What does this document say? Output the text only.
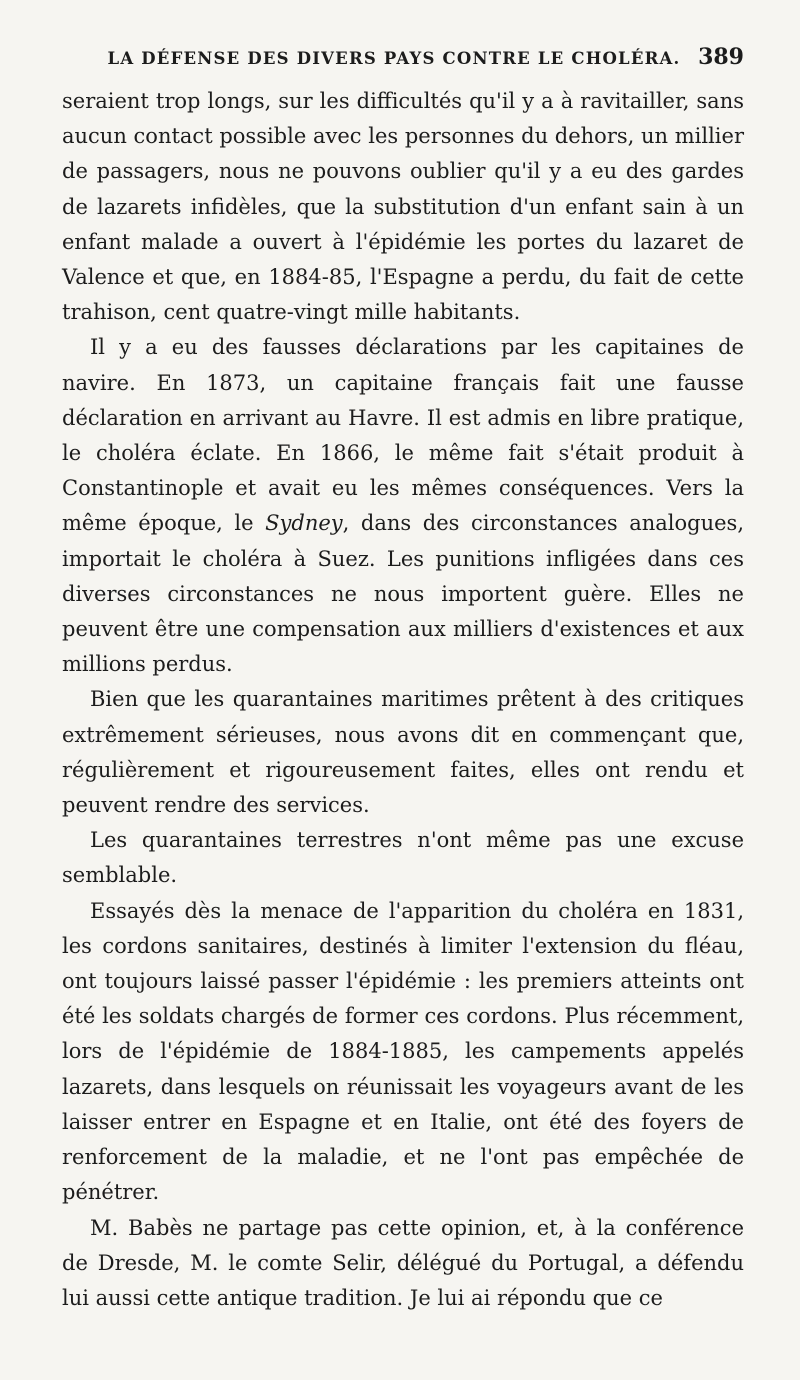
LA DÉFENSE DES DIVERS PAYS CONTRE LE CHOLÉRA. 389

seraient trop longs, sur les difficultés qu'il y a à ravitailler, sans aucun contact possible avec les personnes du dehors, un millier de passagers, nous ne pouvons oublier qu'il y a eu des gardes de lazarets infidèles, que la substitution d'un enfant sain à un enfant malade a ouvert à l'épidémie les portes du lazaret de Valence et que, en 1884-85, l'Espagne a perdu, du fait de cette trahison, cent quatre-vingt mille habitants.

Il y a eu des fausses déclarations par les capitaines de navire. En 1873, un capitaine français fait une fausse déclaration en arrivant au Havre. Il est admis en libre pratique, le choléra éclate. En 1866, le même fait s'était produit à Constantinople et avait eu les mêmes conséquences. Vers la même époque, le Sydney, dans des circonstances analogues, importait le choléra à Suez. Les punitions infligées dans ces diverses circonstances ne nous importent guère. Elles ne peuvent être une compensation aux milliers d'existences et aux millions perdus.

Bien que les quarantaines maritimes prêtent à des critiques extrêmement sérieuses, nous avons dit en commençant que, régulièrement et rigoureusement faites, elles ont rendu et peuvent rendre des services.

Les quarantaines terrestres n'ont même pas une excuse semblable.

Essayés dès la menace de l'apparition du choléra en 1831, les cordons sanitaires, destinés à limiter l'extension du fléau, ont toujours laissé passer l'épidémie : les premiers atteints ont été les soldats chargés de former ces cordons. Plus récemment, lors de l'épidémie de 1884-1885, les campements appelés lazarets, dans lesquels on réunissait les voyageurs avant de les laisser entrer en Espagne et en Italie, ont été des foyers de renforcement de la maladie, et ne l'ont pas empêchée de pénétrer.

M. Babès ne partage pas cette opinion, et, à la conférence de Dresde, M. le comte Selir, délégué du Portugal, a défendu lui aussi cette antique tradition. Je lui ai répondu que ce
